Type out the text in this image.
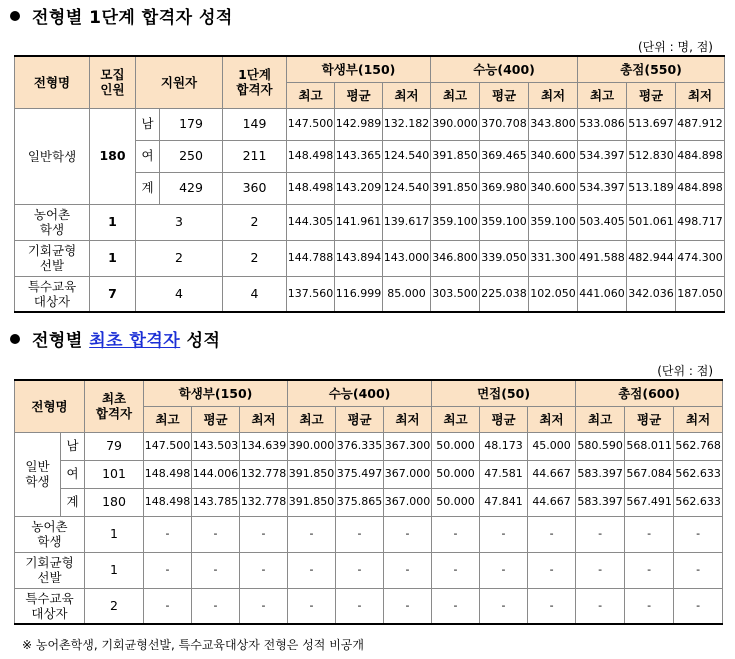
전형별 1단계 합격자 성적
(단위 : 명, 점)
전형명	모집
인원	지원자		1단계
합격자	학생부(150)			수능(400)			총점(550)		
					최고	평균	최저	최고	평균	최저	최고	평균	최저
일반학생	180	남	179	149	147.500	142.989	132.182	390.000	370.708	343.800	533.086	513.697	487.912
		여	250	211	148.498	143.365	124.540	391.850	369.465	340.600	534.397	512.830	484.898
		계	429	360	148.498	143.209	124.540	391.850	369.980	340.600	534.397	513.189	484.898
농어촌
학생	1	3		2	144.305	141.961	139.617	359.100	359.100	359.100	503.405	501.061	498.717
기회균형
선발	1	2		2	144.788	143.894	143.000	346.800	339.050	331.300	491.588	482.944	474.300
특수교육
대상자	7	4		4	137.560	116.999	85.000	303.500	225.038	102.050	441.060	342.036	187.050
전형별 최초 합격자 성적
(단위 : 점)
전형명		최초
합격자	학생부(150)			수능(400)			면접(50)			총점(600)		
			최고	평균	최저	최고	평균	최저	최고	평균	최저	최고	평균	최저
일반
학생	남	79	147.500	143.503	134.639	390.000	376.335	367.300	50.000	48.173	45.000	580.590	568.011	562.768
	여	101	148.498	144.006	132.778	391.850	375.497	367.000	50.000	47.581	44.667	583.397	567.084	562.633
	계	180	148.498	143.785	132.778	391.850	375.865	367.000	50.000	47.841	44.667	583.397	567.491	562.633
농어촌
학생		1	-	-	-	-	-	-	-	-	-	-	-	-
기회균형
선발		1	-	-	-	-	-	-	-	-	-	-	-	-
특수교육
대상자		2	-	-	-	-	-	-	-	-	-	-	-	-
※ 농어촌학생, 기회균형선발, 특수교육대상자 전형은 성적 비공개
